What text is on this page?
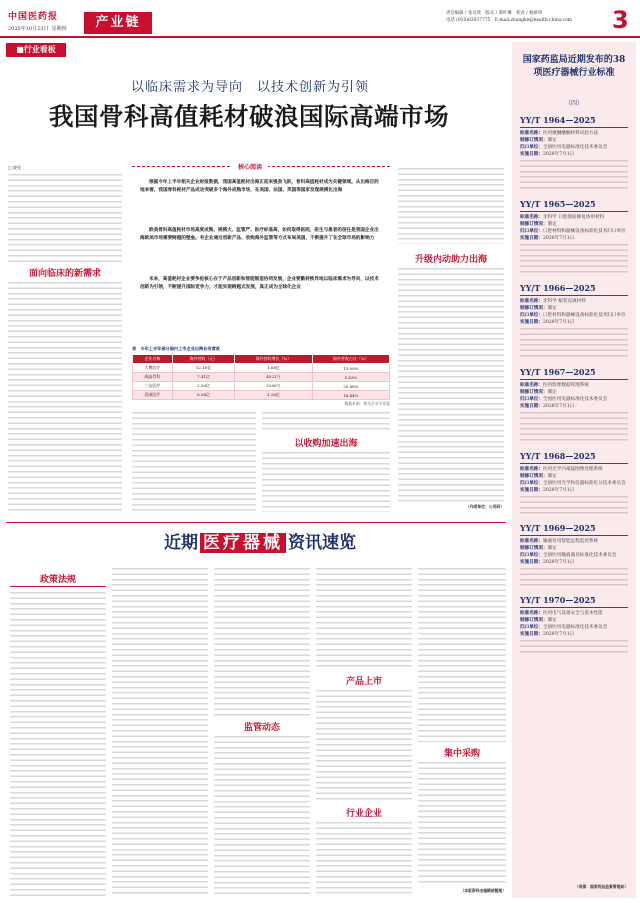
中国医药报
2025年10月23日 星期四	产业链
责任编辑 / 张司欣　 版式 / 谭叶琳　 校对 / 杨妍妍
电话 (010)83037775　 E-mail:zhangke@health-china.com 3
■行业看板
以临床需求为导向　以技术创新为引领
我国骨科高值耗材破浪国际高端市场
□ 晓雯

面向临床的新需求
核心阅读
根据今年上半年相关企业财报数据，我国高值耗材出海正迎来强劲飞跃，骨科高值耗材成为关键领域。从出海目的地来看，我国骨科耗材产品成功突破多个海外成熟市场，在美国、法国、英国等国家发现规模化出海
欧美骨科高值耗材市场高度成熟，规模大、监管严、医疗标准高，如何取得医院、医生与患者的信任是我国企业出海欧美市场需要跨越的壁垒。有企业通过创新产品、收购海外监管等方式布局美国，不断提升了在全球市场的影响力
未来，高值耗材企业要争抢核心在于产品创新和智能制造协同发展，企业要勤转换异地以临床需求为导向，以技术创新为引领，不断提升国际竞争力，才能实现跨越式发展，真正成为全球化企业
表　今年上半年部分国内上市企业出海业务营收
企业名称	海外营收（元）	海外营收增长（%）	海外营收占比（%）
大博医疗	12.10亿	1.68亿	13.00%
威高骨科	7.41亿	4321万	5.83%
三友医疗	2.50亿	5200万	20.88%
爱康医疗	6.94亿	1.28亿	18.44%
数据来源：相关企业半年报
以收购加速出海
升级内动助力出海
（作者单位：公司研）
近期 医疗器械 资讯速览
政策法规
监管动态
产品上市
行业企业
集中采购
（本版资料由编辑部整理）
国家药监局近期发布的38项医疗器械行业标准
（四）
YY/T 1964—2025
标准名称：医用聚醚醚酮材料试验方法
制修订情况：制定
归口单位：全国医用电器标准化技术委员会
实施日期：2026年7月1日
YY/T 1965—2025
标准名称：牙科学 口腔颌面修复体用材料
制修订情况：制定
归口单位：口腔材料和器械设备标准化技术归口单位
实施日期：2026年7月1日
YY/T 1966—2025
标准名称：牙科学 根管充填材料
制修订情况：制定
归口单位：口腔材料和器械设备标准化技术归口单位
实施日期：2026年7月1日
YY/T 1967—2025
标准名称：医用影像数据管理系统
制修订情况：制定
归口单位：全国医用电器标准化技术委员会
实施日期：2026年7月1日
YY/T 1968—2025
标准名称：医用光学内窥镜图像处理系统
制修订情况：制定
归口单位：全国医用光学和仪器标准化分技术委员会
实施日期：2026年7月1日
YY/T 1969—2025
标准名称：输液泵用智能远程监控系统
制修订情况：制定
归口单位：全国医用输液器具标准化技术委员会
实施日期：2026年7月1日
YY/T 1970—2025
标准名称：医用电气设备安全与基本性能
制修订情况：制定
归口单位：全国医用电器标准化技术委员会
实施日期：2026年7月1日
（来源：国家药品监督管理局）
